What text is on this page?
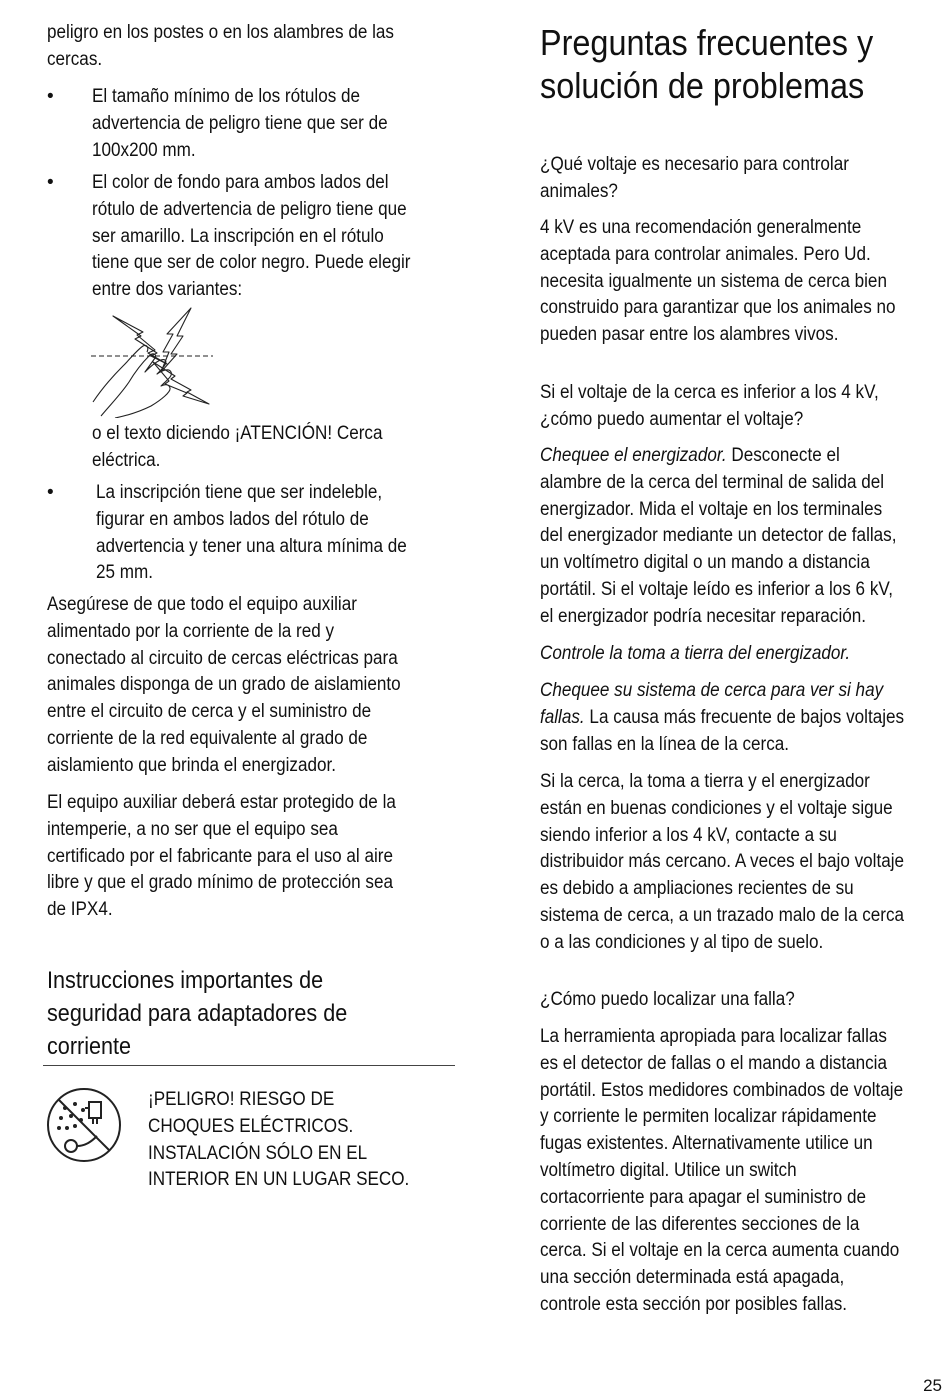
peligro en los postes o en los alambres de las cercas.

• El tamaño mínimo de los rótulos de advertencia de peligro tiene que ser de 100x200 mm.

• El color de fondo para ambos lados del rótulo de advertencia de peligro tiene que ser amarillo. La inscripción en el rótulo tiene que ser de color negro. Puede elegir entre dos variantes:

o el texto diciendo ¡ATENCIÓN! Cerca eléctrica.

• La inscripción tiene que ser indeleble, figurar en ambos lados del rótulo de advertencia y tener una altura mínima de 25 mm.

Asegúrese de que todo el equipo auxiliar alimentado por la corriente de la red y conectado al circuito de cercas eléctricas para animales disponga de un grado de aislamiento entre el circuito de cerca y el suministro de corriente de la red equivalente al grado de aislamiento que brinda el energizador.

El equipo auxiliar deberá estar protegido de la intemperie, a no ser que el equipo sea certificado por el fabricante para el uso al aire libre y que el grado mínimo de protección sea de IPX4.

Instrucciones importantes de seguridad para adaptadores de corriente

¡PELIGRO! RIESGO DE CHOQUES ELÉCTRICOS. INSTALACIÓN SÓLO EN EL INTERIOR EN UN LUGAR SECO.

Preguntas frecuentes y solución de problemas

¿Qué voltaje es necesario para controlar animales?

4 kV es una recomendación generalmente aceptada para controlar animales. Pero Ud. necesita igualmente un sistema de cerca bien construido para garantizar que los animales no pueden pasar entre los alambres vivos.

Si el voltaje de la cerca es inferior a los 4 kV, ¿cómo puedo aumentar el voltaje?

Chequee el energizador. Desconecte el alambre de la cerca del terminal de salida del energizador. Mida el voltaje en los terminales del energizador mediante un detector de fallas, un voltímetro digital o un mando a distancia portátil. Si el voltaje leído es inferior a los 6 kV, el energizador podría necesitar reparación.

Controle la toma a tierra del energizador.

Chequee su sistema de cerca para ver si hay fallas. La causa más frecuente de bajos voltajes son fallas en la línea de la cerca.

Si la cerca, la toma a tierra y el energizador están en buenas condiciones y el voltaje sigue siendo inferior a los 4 kV, contacte a su distribuidor más cercano. A veces el bajo voltaje es debido a ampliaciones recientes de su sistema de cerca, a un trazado malo de la cerca o a las condiciones y al tipo de suelo.

¿Cómo puedo localizar una falla?

La herramienta apropiada para localizar fallas es el detector de fallas o el mando a distancia portátil. Estos medidores combinados de voltaje y corriente le permiten localizar rápidamente fugas existentes. Alternativamente utilice un voltímetro digital. Utilice un switch cortacorriente para apagar el suministro de corriente de las diferentes secciones de la cerca. Si el voltaje en la cerca aumenta cuando una sección determinada está apagada, controle esta sección por posibles fallas.

25
